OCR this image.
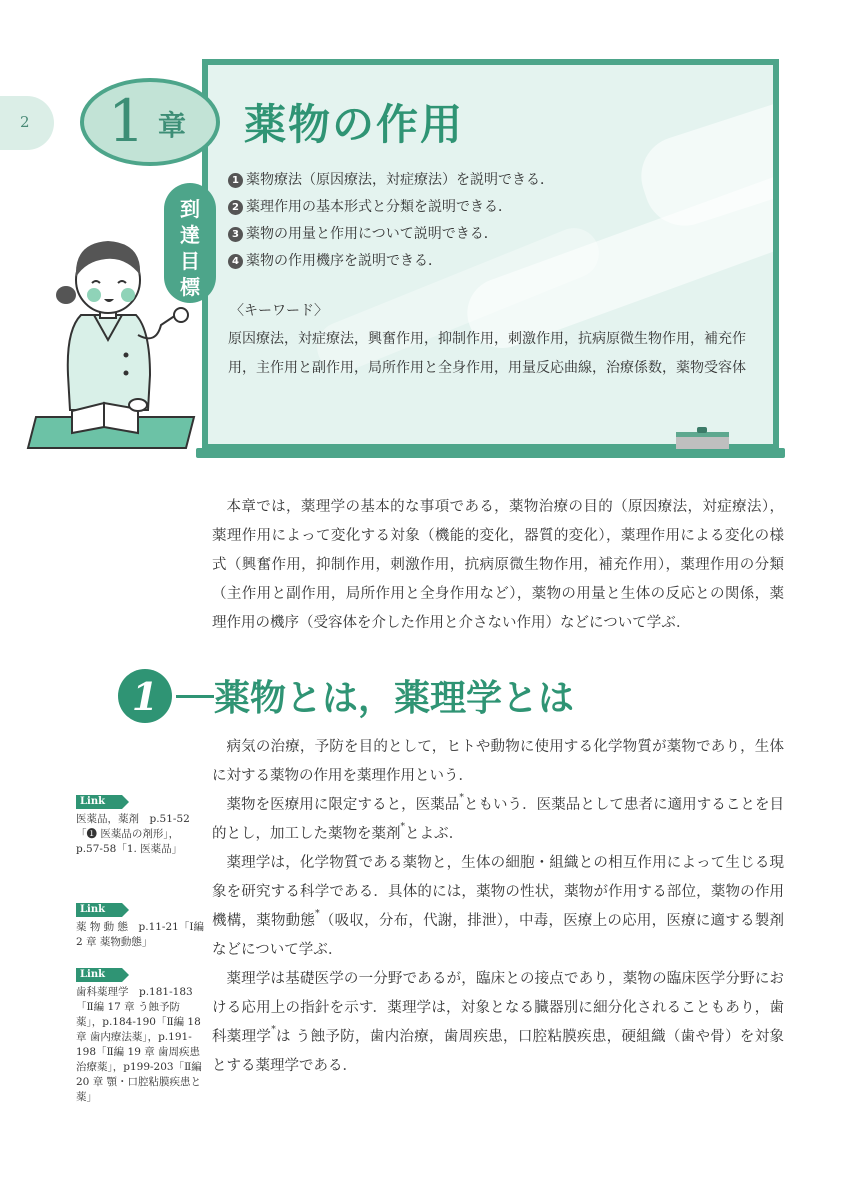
2 1 章 薬物の作用
到
達
目
標
1 薬物療法（原因療法，対症療法）を説明できる．
2 薬理作用の基本形式と分類を説明できる．
3 薬物の用量と作用について説明できる．
4 薬物の作用機序を説明できる．
〈キーワード〉
原因療法，対症療法，興奮作用，抑制作用，刺激作用，抗病原微生物作用，補充作用，主作用と副作用，局所作用と全身作用，用量反応曲線，治療係数，薬物受容体
本章では，薬理学の基本的な事項である，薬物治療の目的（原因療法，対症療法），薬理作用によって変化する対象（機能的変化，器質的変化），薬理作用による変化の様式（興奮作用，抑制作用，刺激作用，抗病原微生物作用，補充作用），薬理作用の分類（主作用と副作用，局所作用と全身作用など），薬物の用量と生体の反応との関係，薬理作用の機序（受容体を介した作用と介さない作用）などについて学ぶ．
1 薬物とは，薬理学とは

病気の治療，予防を目的として，ヒトや動物に使用する化学物質が薬物であり，生体に対する薬物の作用を薬理作用という．

薬物を医療用に限定すると，医薬品*ともいう．医薬品として患者に適用することを目的とし，加工した薬物を薬剤*とよぶ．

薬理学は，化学物質である薬物と，生体の細胞・組織との相互作用によって生じる現象を研究する科学である．具体的には，薬物の性状，薬物が作用する部位，薬物の作用機構，薬物動態*（吸収，分布，代謝，排泄），中毒，医療上の応用，医療に適する製剤などについて学ぶ．

薬理学は基礎医学の一分野であるが，臨床との接点であり，薬物の臨床医学分野における応用上の指針を示す．薬理学は，対象となる臓器別に細分化されることもあり，歯科薬理学*は う蝕予防，歯内治療，歯周疾患，口腔粘膜疾患，硬組織（歯や骨）を対象とする薬理学である．

Link
医薬品，薬剤　p.51-52「❶ 医薬品の剤形」，p.57-58「1. 医薬品」
Link
薬 物 動 態　p.11-21「Ⅰ編 2 章 薬物動態」
Link
歯科薬理学　p.181-183「Ⅱ編 17 章 う蝕予防薬」，p.184-190「Ⅱ編 18 章 歯内療法薬」，p.191-198「Ⅱ編 19 章 歯周疾患治療薬」，p199-203「Ⅱ編 20 章 顎・口腔粘膜疾患と薬」
